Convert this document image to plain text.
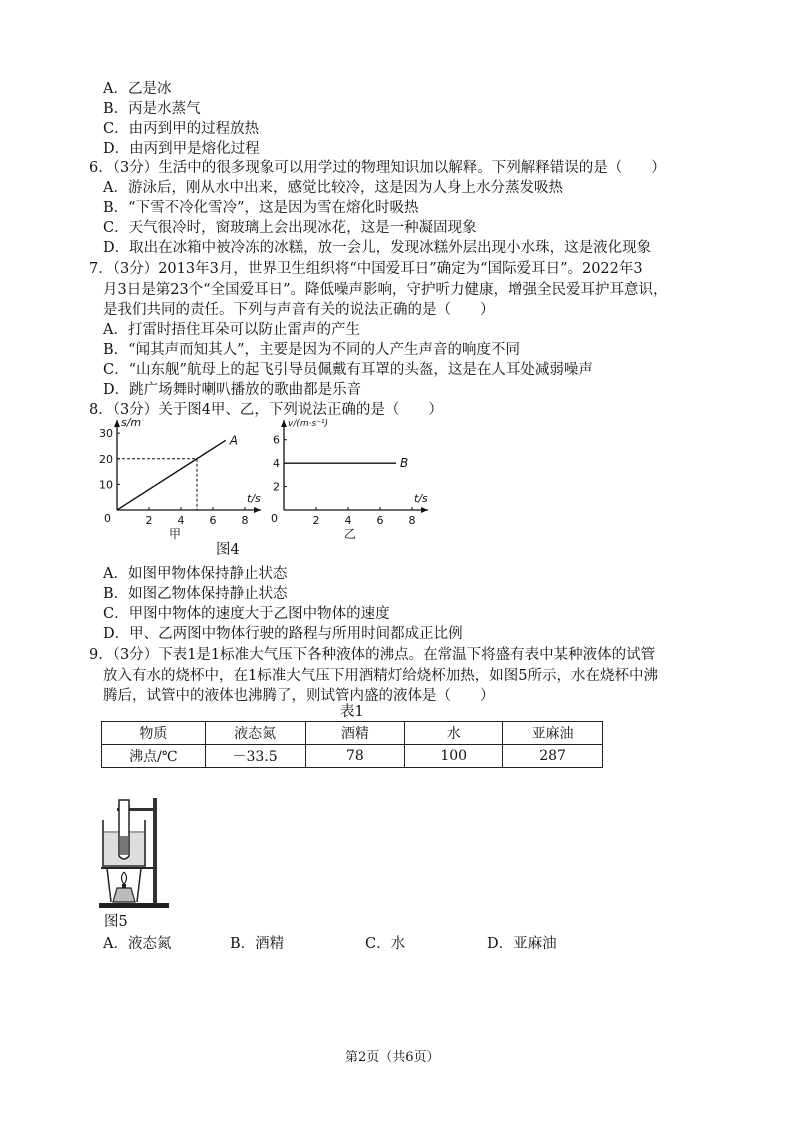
A．乙是冰
B．丙是水蒸气
C．由丙到甲的过程放热
D．由丙到甲是熔化过程
6．（3分）生活中的很多现象可以用学过的物理知识加以解释。下列解释错误的是（　　）
A．游泳后，刚从水中出来，感觉比较冷，这是因为人身上水分蒸发吸热
B．“下雪不冷化雪冷”，这是因为雪在熔化时吸热
C．天气很冷时，窗玻璃上会出现冰花，这是一种凝固现象
D．取出在冰箱中被冷冻的冰糕，放一会儿，发现冰糕外层出现小水珠，这是液化现象
7．（3分）2013年3月，世界卫生组织将“中国爱耳日”确定为“国际爱耳日”。2022年3
月3日是第23个“全国爱耳日”。降低噪声影响，守护听力健康，增强全民爱耳护耳意识，
是我们共同的责任。下列与声音有关的说法正确的是（　　）
A．打雷时捂住耳朵可以防止雷声的产生
B．“闻其声而知其人”，主要是因为不同的人产生声音的响度不同
C．“山东舰”航母上的起飞引导员佩戴有耳罩的头盔，这是在人耳处减弱噪声
D．跳广场舞时喇叭播放的歌曲都是乐音
8．（3分）关于图4甲、乙，下列说法正确的是（　　）
2 4 6 8
10
20
30
0
t/s
s/m
A
甲
2 4 6 8
2
4
6
0
t/s
v/(m·s⁻¹)
B
乙
图4
A．如图甲物体保持静止状态
B．如图乙物体保持静止状态
C．甲图中物体的速度大于乙图中物体的速度
D．甲、乙两图中物体行驶的路程与所用时间都成正比例
9．（3分）下表1是1标准大气压下各种液体的沸点。在常温下将盛有表中某种液体的试管
放入有水的烧杯中，在1标准大气压下用酒精灯给烧杯加热，如图5所示，水在烧杯中沸
腾后，试管中的液体也沸腾了，则试管内盛的液体是（　　）
表1
物质	液态氮	酒精	水	亚麻油
沸点/℃	－33.5	78	100	287
图5
A．液态氮	B．酒精	C．水	D．亚麻油
第2页（共6页）
